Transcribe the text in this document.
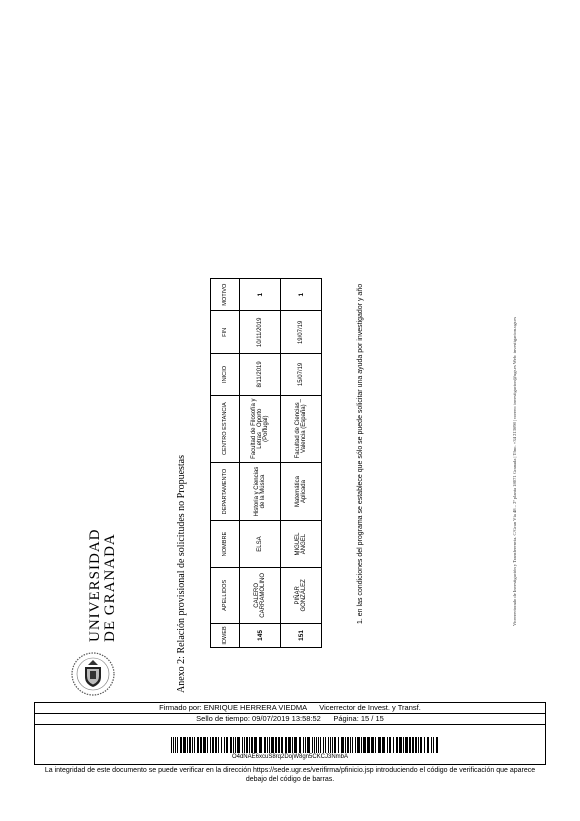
UNIVERSIDAD DE GRANADA	Anexo 2: Relación provisional de solicitudes no Propuestas	IDWEB	APELLIDOS	NOMBRE	DEPARTAMENTO	CENTRO ESTANCIA	INICIO	FIN	MOTIVO
145	CALERO CARRAMOLINO	ELSA	Historia y Ciencias de la Música	Facultad de Filosofía y Letras_ Oporto (Portugal)	8/11/2019	10/11/2019	1
151	PIÑAR GONZÁLEZ	MIGUEL ÁNGEL	Matemática Aplicada	Facultad de Ciencias_ Valencia (España)	15/07/19	19/07/19	1	1. en las condiciones del programa se establece que sólo se puede solicitar una ayuda por investigador y año	Vicerrectorado de Investigación y Transferencia. C/Gran Vía 48 – 2ª planta 18071 Granada | Tfno. +34 213698 | correo: investigacion@ugr.es Web: investigacion.ugr.es
Firmado por: ENRIQUE HERRERA VIEDMA Vicerrector de Invest. y Transf.
Sello de tiempo: 09/07/2019 13:58:52 Página: 15 / 15
O4dNAE6xcuS8rq2DojW8gn5CKCJ3NmbA
La integridad de este documento se puede verificar en la dirección https://sede.ugr.es/verifirma/pfinicio.jsp introduciendo el código de verificación que aparece debajo del código de barras.
